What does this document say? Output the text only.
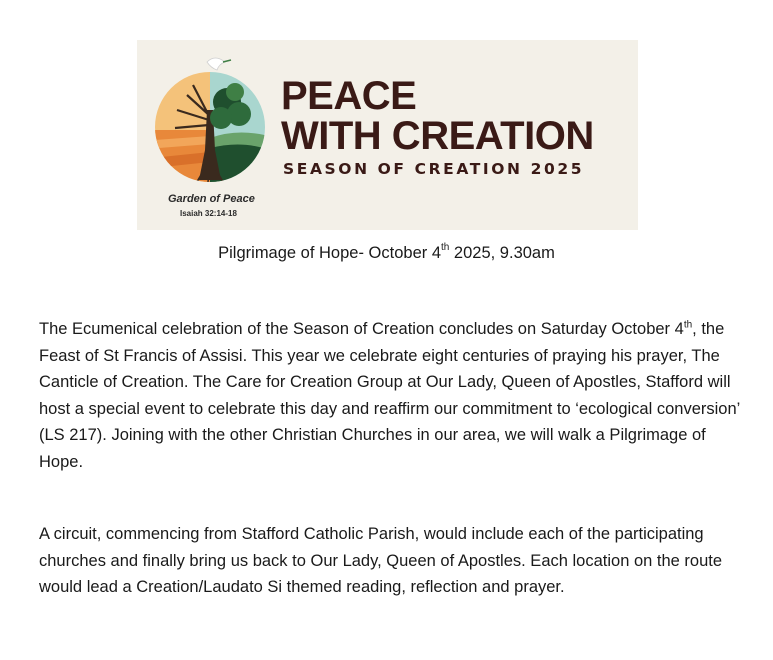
PEACE
WITH CREATION
SEASON OF CREATION 2025
Garden of Peace
Isaiah 32:14-18
Pilgrimage of Hope- October 4th 2025, 9.30am

The Ecumenical celebration of the Season of Creation concludes on Saturday October 4th, the Feast of St Francis of Assisi. This year we celebrate eight centuries of praying his prayer, The Canticle of Creation. The Care for Creation Group at Our Lady, Queen of Apostles, Stafford will host a special event to celebrate this day and reaffirm our commitment to ‘ecological conversion’ (LS 217). Joining with the other Christian Churches in our area, we will walk a Pilgrimage of Hope.

A circuit, commencing from Stafford Catholic Parish, would include each of the participating churches and finally bring us back to Our Lady, Queen of Apostles. Each location on the route would lead a Creation/Laudato Si themed reading, reflection and prayer.
